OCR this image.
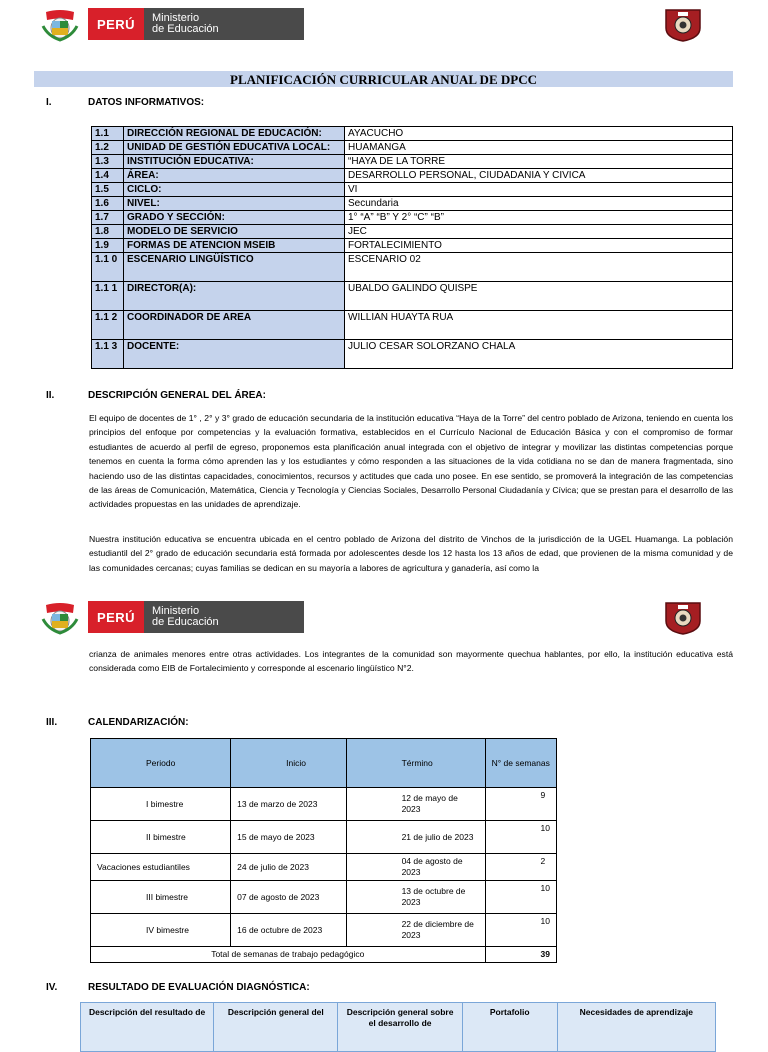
PERÚ	Ministerio
de Educación
PLANIFICACIÓN CURRICULAR ANUAL DE DPCC
I.	DATOS INFORMATIVOS:
1.1	DIRECCIÓN REGIONAL DE EDUCACIÓN:	AYACUCHO
1.2	UNIDAD DE GESTIÓN EDUCATIVA LOCAL:	HUAMANGA
1.3	INSTITUCIÓN EDUCATIVA:	“HAYA DE LA TORRE
1.4	ÁREA:	DESARROLLO PERSONAL, CIUDADANIA Y CIVICA
1.5	CICLO:	VI
1.6	NIVEL:	Secundaria
1.7	GRADO Y SECCIÓN:	1° “A” “B” Y 2° “C” “B”
1.8	MODELO DE SERVICIO	JEC
1.9	FORMAS DE ATENCION MSEIB	FORTALECIMIENTO
1.1 0	ESCENARIO LINGÜÍSTICO	ESCENARIO 02
1.1 1	DIRECTOR(A):	UBALDO GALINDO QUISPE
1.1 2	COORDINADOR DE AREA	WILLIAN HUAYTA RUA
1.1 3	DOCENTE:	JULIO CESAR SOLORZANO CHALA
II.	DESCRIPCIÓN GENERAL DEL ÁREA:
El equipo de docentes de 1° , 2° y 3° grado de educación secundaria de la institución educativa “Haya de la Torre” del centro poblado de Arizona, teniendo en cuenta los principios del enfoque por competencias y la evaluación formativa, establecidos en el Currículo Nacional de Educación Básica y con el compromiso de formar estudiantes de acuerdo al perfil de egreso, proponemos esta planificación anual integrada con el objetivo de integrar y movilizar las distintas competencias porque tenemos en cuenta la forma cómo aprenden las y los estudiantes y cómo responden a las situaciones de la vida cotidiana no se dan de manera fragmentada, sino haciendo uso de las distintas capacidades, conocimientos, recursos y actitudes que cada uno posee. En ese sentido, se promoverá la integración de las competencias de las áreas de Comunicación, Matemática, Ciencia y Tecnología y Ciencias Sociales, Desarrollo Personal Ciudadanía y Cívica; que se prestan para el desarrollo de las actividades propuestas en las unidades de aprendizaje.
Nuestra institución educativa se encuentra ubicada en el centro poblado de Arizona del distrito de Vinchos de la jurisdicción de la UGEL Huamanga. La población estudiantil del 2° grado de educación secundaria está formada por adolescentes desde los 12 hasta los 13 años de edad, que provienen de la misma comunidad y de las comunidades cercanas; cuyas familias se dedican en su mayoría a labores de agricultura y ganadería, así como la
PERÚ	Ministerio
de Educación
crianza de animales menores entre otras actividades. Los integrantes de la comunidad son mayormente quechua hablantes, por ello, la institución educativa está considerada como EIB de Fortalecimiento y corresponde al escenario lingüístico N°2.
III.	CALENDARIZACIÓN:
Periodo	Inicio	Término	N° de semanas
I bimestre	13 de marzo de 2023	12 de mayo de 2023	9
II bimestre	15 de mayo de 2023	21 de julio de 2023	10
Vacaciones estudiantiles	24 de julio de 2023	04 de agosto de 2023	2
III bimestre	07 de agosto de 2023	13 de octubre de 2023	10
IV bimestre	16 de octubre de 2023	22 de diciembre de 2023	10
Total de semanas de trabajo pedagógico			39
IV.	RESULTADO DE EVALUACIÓN DIAGNÓSTICA:
Descripción del resultado de	Descripción general del	Descripción general sobre el desarrollo de	Portafolio	Necesidades de aprendizaje
